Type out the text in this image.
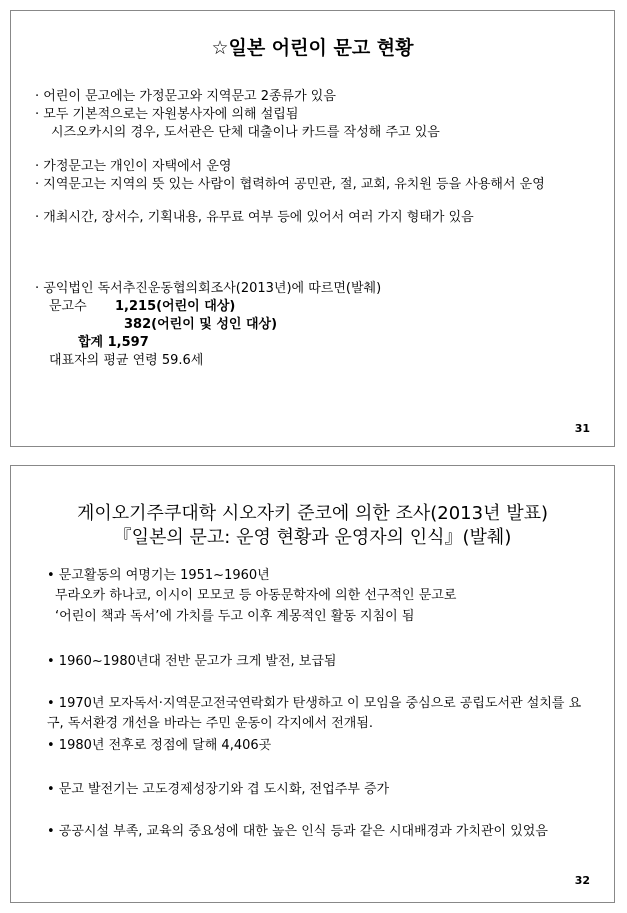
☆일본 어린이 문고 현황
· 어린이 문고에는 가정문고와 지역문고 2종류가 있음
· 모두 기본적으로는 자원봉사자에 의해 설립됨
시즈오카시의 경우, 도서관은 단체 대출이나 카드를 작성해 주고 있음
· 가정문고는 개인이 자택에서 운영
· 지역문고는 지역의 뜻 있는 사람이 협력하여 공민관, 절, 교회, 유치원 등을 사용해서 운영
· 개최시간, 장서수, 기획내용, 유무료 여부 등에 있어서 여러 가지 형태가 있음
· 공익법인 독서추진운동협의회조사(2013년)에 따르면(발췌)
문고수 1,215(어린이 대상)
382(어린이 및 성인 대상)
합계 1,597
대표자의 평균 연령 59.6세
31
게이오기주쿠대학 시오자키 준코에 의한 조사(2013년 발표)
『일본의 문고: 운영 현황과 운영자의 인식』(발췌)
• 문고활동의 여명기는 1951~1960년
무라오카 하나코, 이시이 모모코 등 아동문학자에 의한 선구적인 문고로
‘어린이 책과 독서’에 가치를 두고 이후 계몽적인 활동 지침이 됨
• 1960~1980년대 전반 문고가 크게 발전, 보급됨
• 1970년 모자독서·지역문고전국연락회가 탄생하고 이 모임을 중심으로 공립도서관 설치를 요구, 독서환경 개선을 바라는 주민 운동이 각지에서 전개됨.
• 1980년 전후로 정점에 달해 4,406곳
• 문고 발전기는 고도경제성장기와 겹 도시화, 전업주부 증가
• 공공시설 부족, 교육의 중요성에 대한 높은 인식 등과 같은 시대배경과 가치관이 있었음
32
